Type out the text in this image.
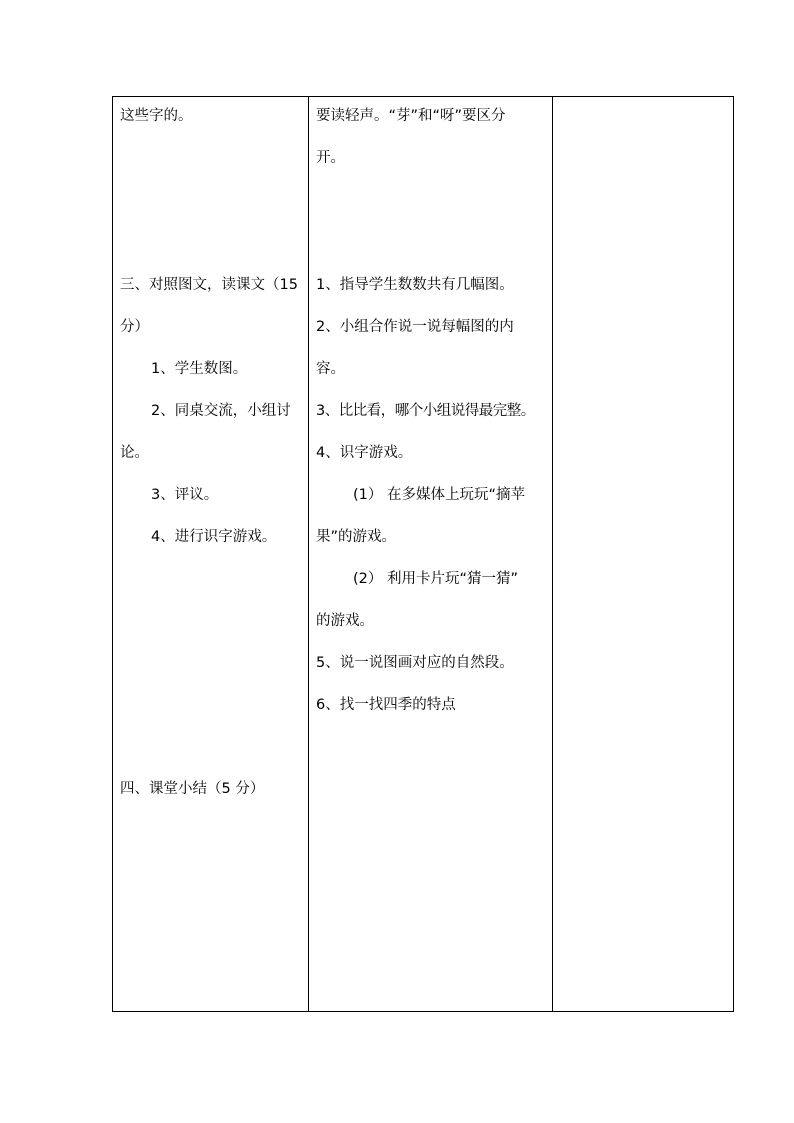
这些字的。
三、对照图文，读课文（15
分）
1、学生数图。
2、同桌交流，小组讨
论。
3、评议。
4、进行识字游戏。
四、课堂小结（5 分）

要读轻声。“芽”和“呀”要区分
开。
1、指导学生数数共有几幅图。
2、小组合作说一说每幅图的内
容。
3、比比看，哪个小组说得最完整。
4、识字游戏。
(1） 在多媒体上玩玩“摘苹
果”的游戏。
(2） 利用卡片玩“猜一猜”
的游戏。
5、说一说图画对应的自然段。
6、找一找四季的特点
